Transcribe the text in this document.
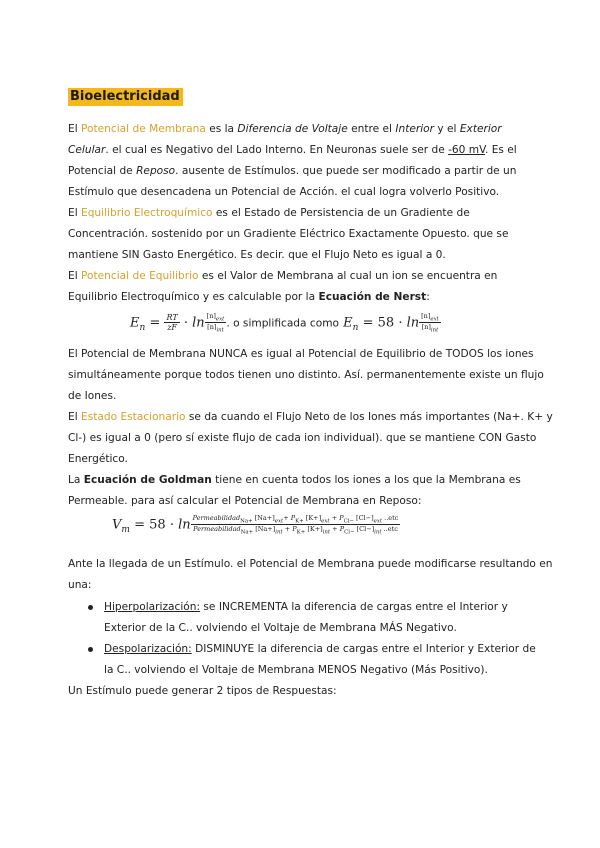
Bioelectricidad
El Potencial de Membrana es la Diferencia de Voltaje entre el Interior y el Exterior
Celular. el cual es Negativo del Lado Interno. En Neuronas suele ser de -60 mV. Es el
Potencial de Reposo. ausente de Estímulos. que puede ser modificado a partir de un
Estímulo que desencadena un Potencial de Acción. el cual logra volverlo Positivo.
El Equilibrio Electroquímico es el Estado de Persistencia de un Gradiente de
Concentración. sostenido por un Gradiente Eléctrico Exactamente Opuesto. que se
mantiene SIN Gasto Energético. Es decir. que el Flujo Neto es igual a 0.
El Potencial de Equilibrio es el Valor de Membrana al cual un ion se encuentra en
Equilibrio Electroquímico y es calculable por la Ecuación de Nerst:
$E_n = \frac{RT}{zF} \cdot \ln \frac{[n]_{ext}}{[n]_{int}}$ . o simplificada como $E_n = 58 \cdot \ln \frac{[n]_{ext}}{[n]_{int}}$
El Potencial de Membrana NUNCA es igual al Potencial de Equilibrio de TODOS los iones
simultáneamente porque todos tienen uno distinto. Así. permanentemente existe un flujo
de Iones.
El Estado Estacionario se da cuando el Flujo Neto de los Iones más importantes (Na+. K+ y
Cl-) es igual a 0 (pero sí existe flujo de cada ion individual). que se mantiene CON Gasto
Energético.
La Ecuación de Goldman tiene en cuenta todos los iones a los que la Membrana es
Permeable. para así calcular el Potencial de Membrana en Reposo:
$V_m = 58 \cdot \ln$ Permeabilidad$_{Na+}$ $[Na+]_{ext}+ P_{K+}$ $[K+]_{ext} + P_{Cl-}$ $[Cl-]_{ext}$ ..etc
Permeabilidad$_{Na+}$ $[Na+]_{int} + P_{K+}$ $[K+]_{int} + P_{Cl-}$ $[Cl-]_{int}$ ..etc
Ante la llegada de un Estímulo. el Potencial de Membrana puede modificarse resultando en
una:
Hiperpolarización: se INCREMENTA la diferencia de cargas entre el Interior y
Exterior de la C.. volviendo el Voltaje de Membrana MÁS Negativo.
Despolarización: DISMINUYE la diferencia de cargas entre el Interior y Exterior de
la C.. volviendo el Voltaje de Membrana MENOS Negativo (Más Positivo).
Un Estímulo puede generar 2 tipos de Respuestas:
